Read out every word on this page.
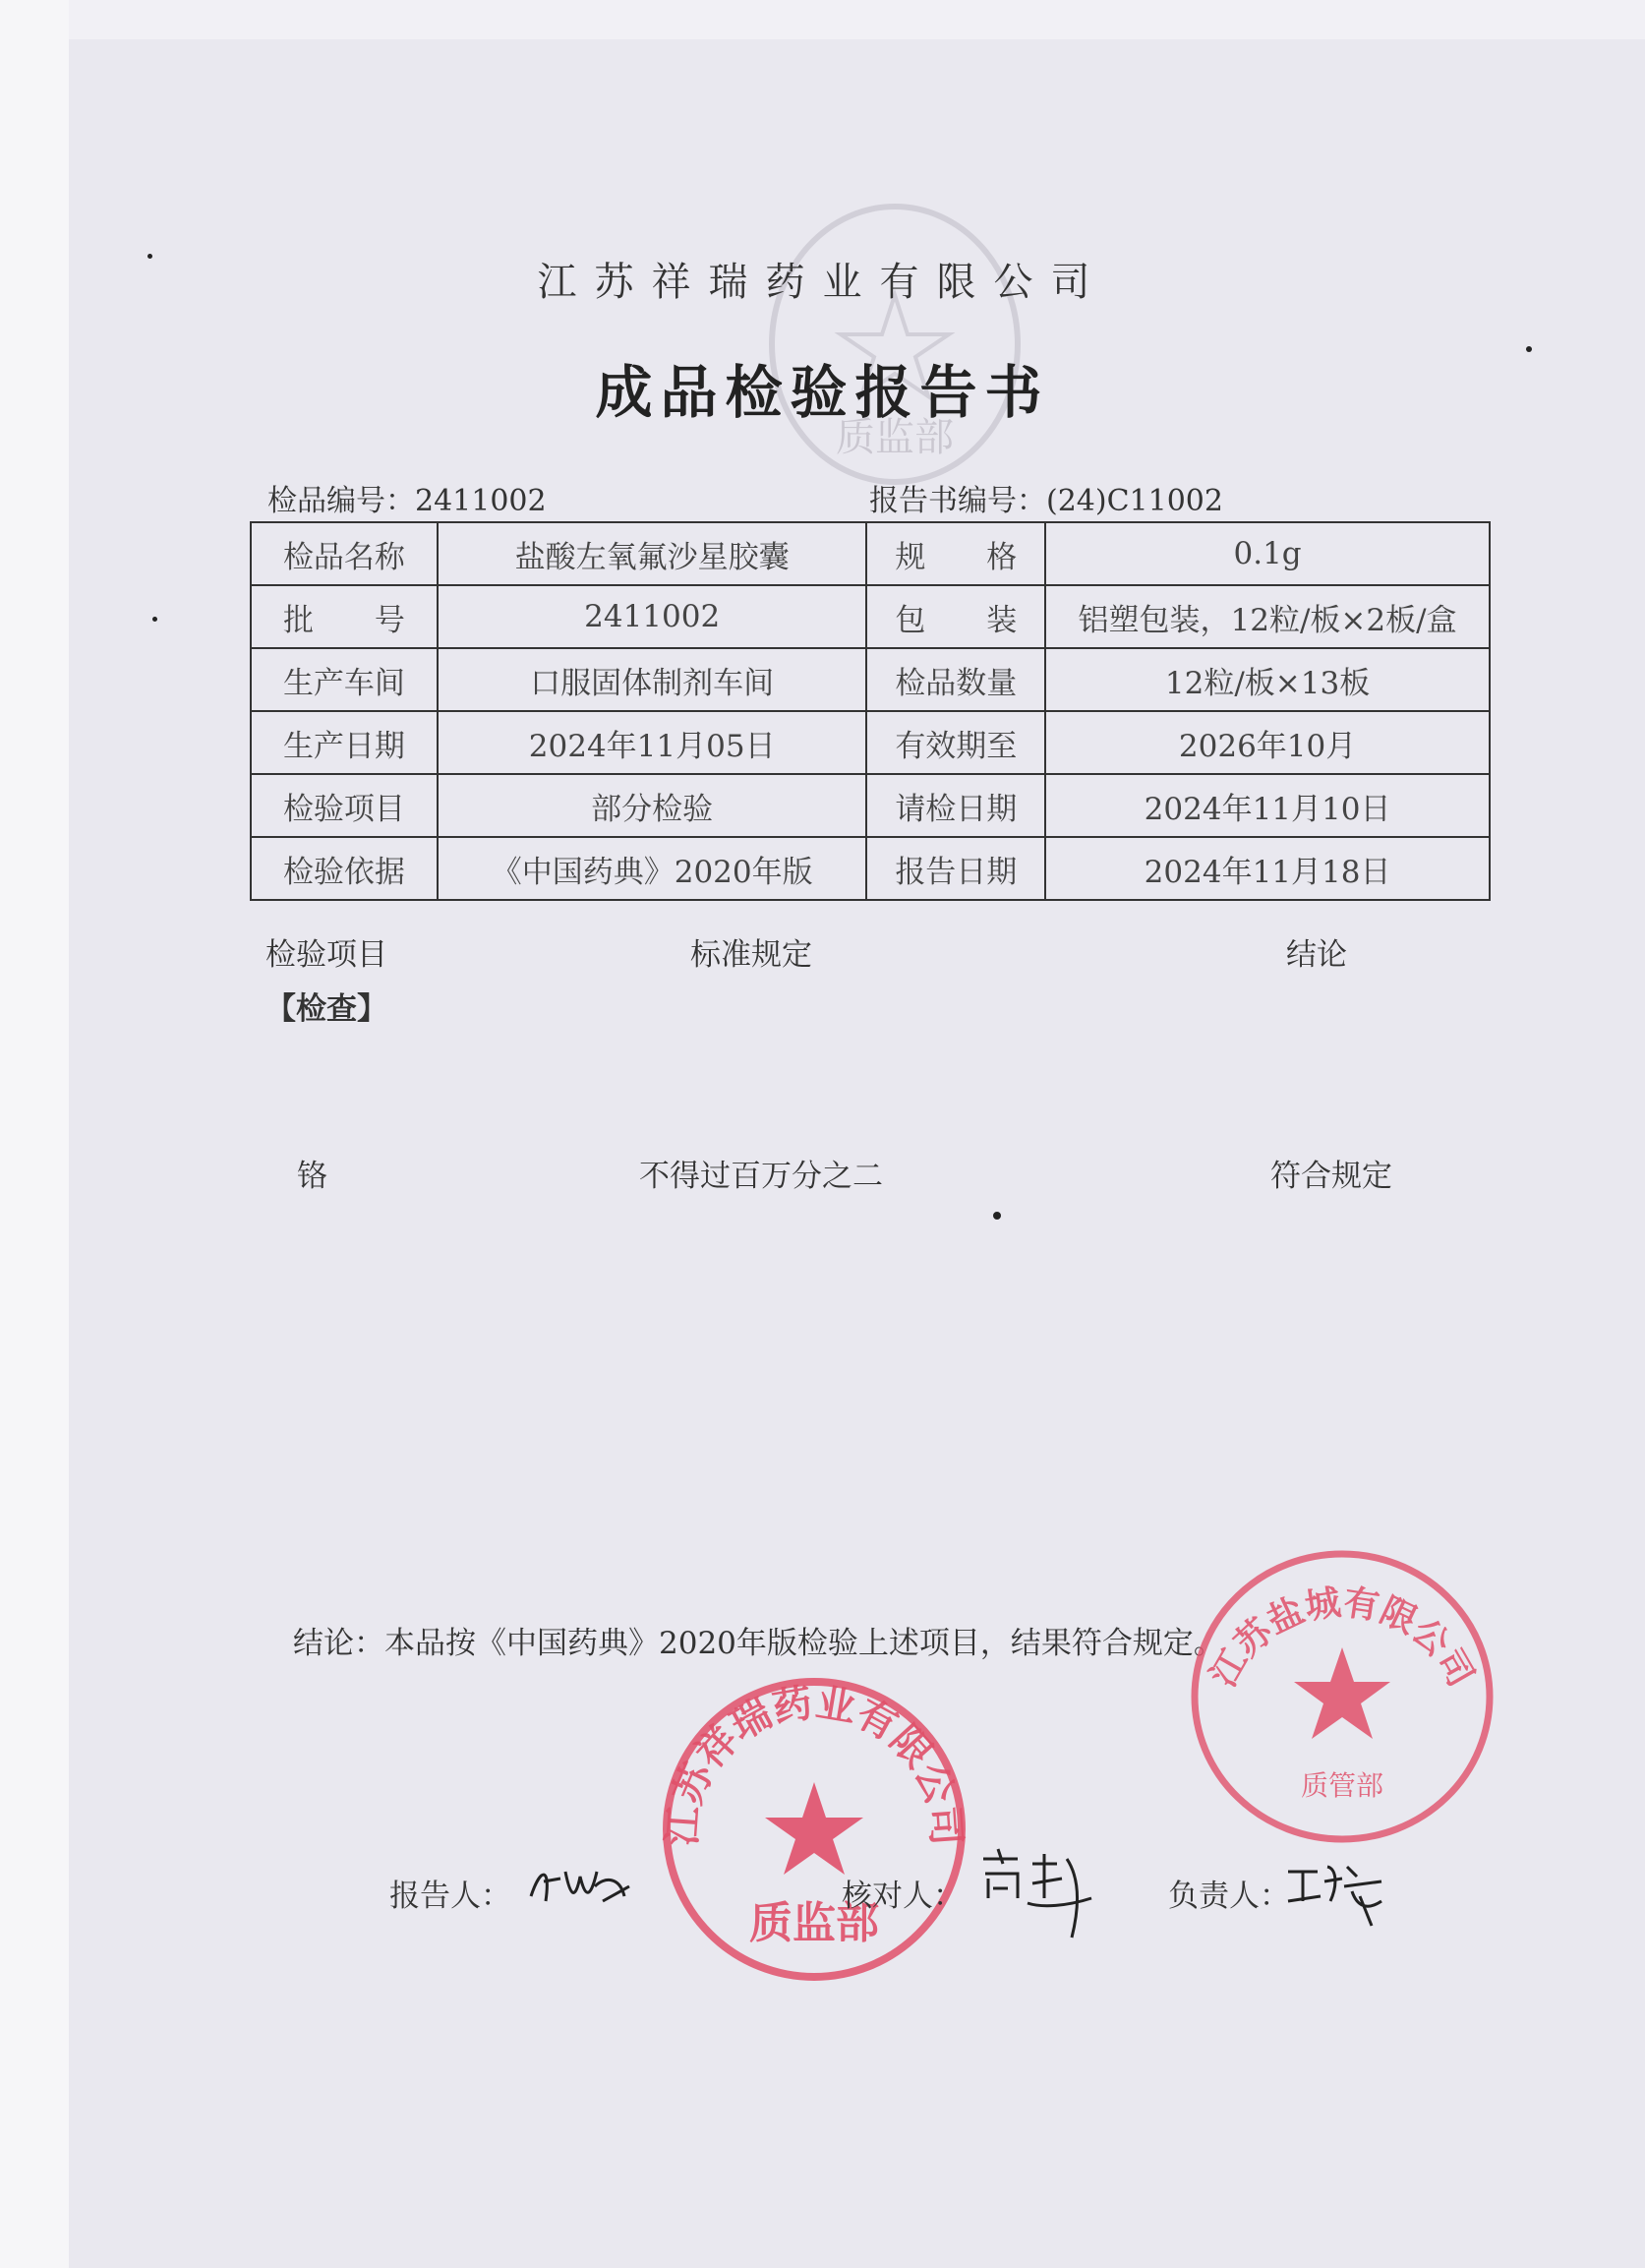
质监部
江苏祥瑞药业有限公司
成品检验报告书
检品编号：2411002	报告书编号：(24)C11002
检品名称	盐酸左氧氟沙星胶囊	规　　格	0.1g
批　　号	2411002	包　　装	铝塑包装，12粒/板×2板/盒
生产车间	口服固体制剂车间	检品数量	12粒/板×13板
生产日期	2024年11月05日	有效期至	2026年10月
检验项目	部分检验	请检日期	2024年11月10日
检验依据	《中国药典》2020年版	报告日期	2024年11月18日
检验项目	标准规定	结论
【检查】
铬	不得过百万分之二	符合规定
结论：本品按《中国药典》2020年版检验上述项目，结果符合规定。
江苏祥瑞药业有限公司
质监部
江苏盐城有限公司
质管部
报告人：	核对人：	负责人：
